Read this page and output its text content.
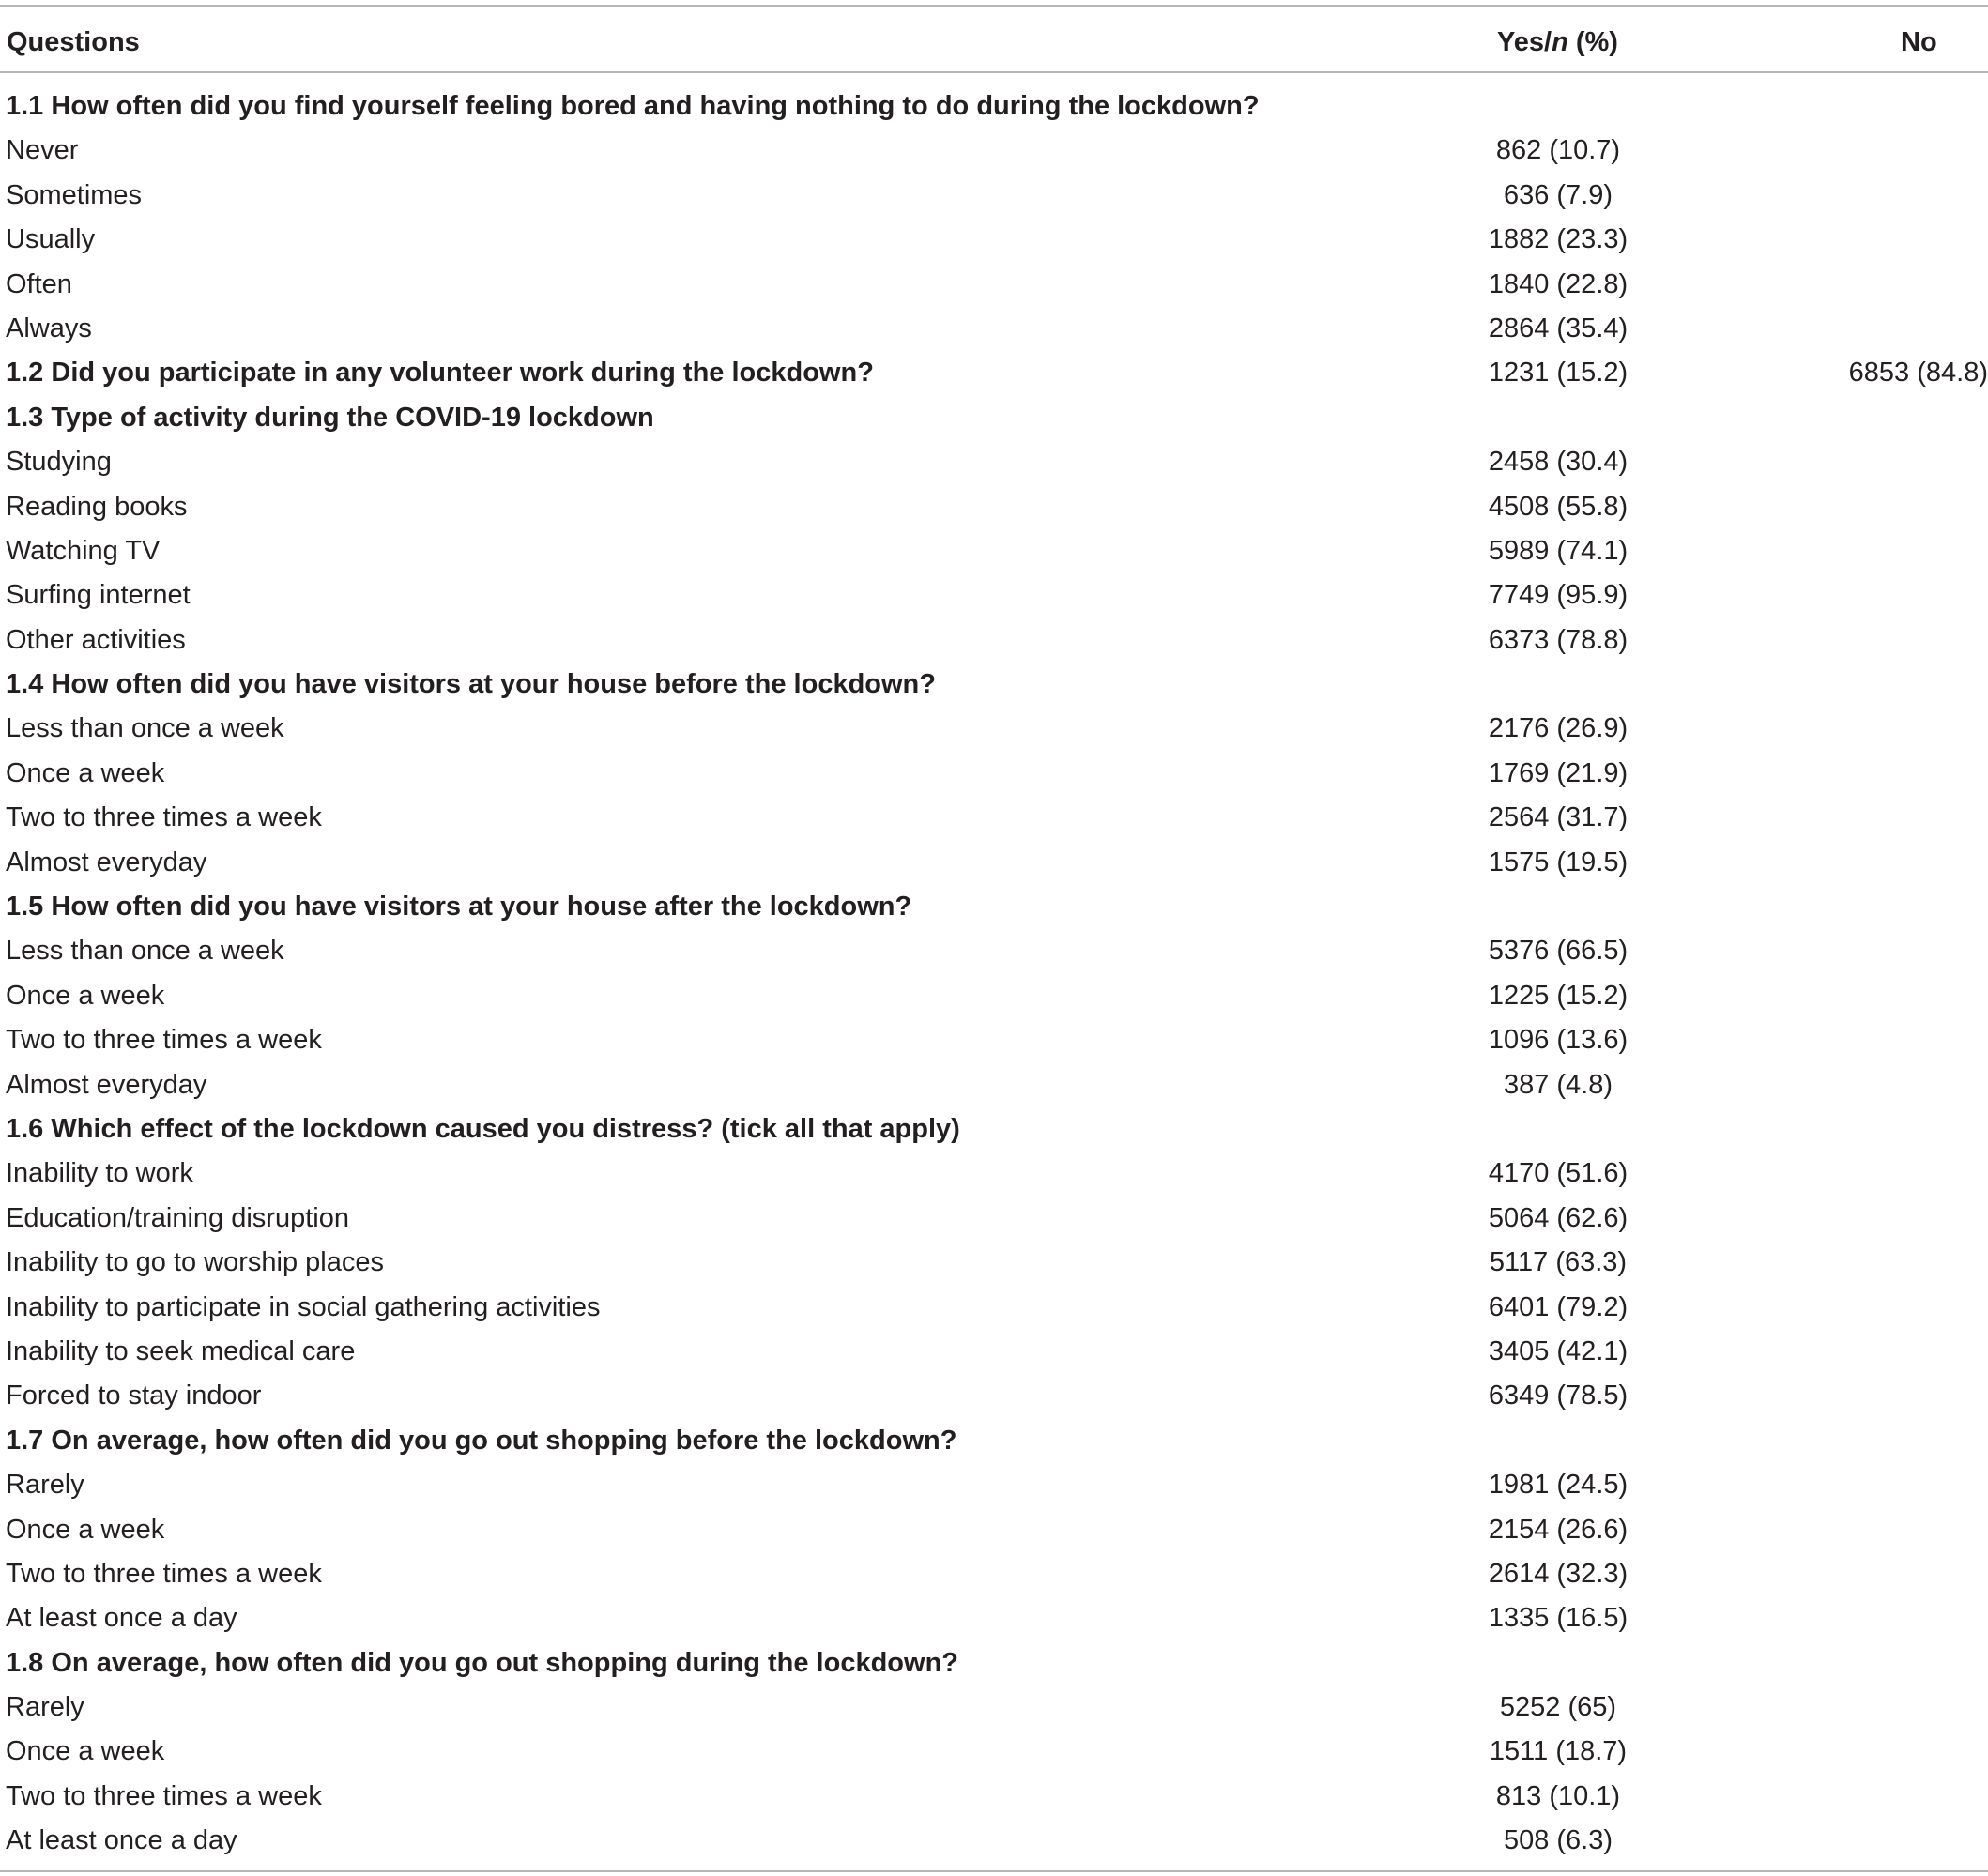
Questions	Yes/n (%)	No
1.1 How often did you find yourself feeling bored and having nothing to do during the lockdown?
Never	862 (10.7)
Sometimes	636 (7.9)
Usually	1882 (23.3)
Often	1840 (22.8)
Always	2864 (35.4)
1.2 Did you participate in any volunteer work during the lockdown?	1231 (15.2)	6853 (84.8)
1.3 Type of activity during the COVID-19 lockdown
Studying	2458 (30.4)
Reading books	4508 (55.8)
Watching TV	5989 (74.1)
Surfing internet	7749 (95.9)
Other activities	6373 (78.8)
1.4 How often did you have visitors at your house before the lockdown?
Less than once a week	2176 (26.9)
Once a week	1769 (21.9)
Two to three times a week	2564 (31.7)
Almost everyday	1575 (19.5)
1.5 How often did you have visitors at your house after the lockdown?
Less than once a week	5376 (66.5)
Once a week	1225 (15.2)
Two to three times a week	1096 (13.6)
Almost everyday	387 (4.8)
1.6 Which effect of the lockdown caused you distress? (tick all that apply)
Inability to work	4170 (51.6)
Education/training disruption	5064 (62.6)
Inability to go to worship places	5117 (63.3)
Inability to participate in social gathering activities	6401 (79.2)
Inability to seek medical care	3405 (42.1)
Forced to stay indoor	6349 (78.5)
1.7 On average, how often did you go out shopping before the lockdown?
Rarely	1981 (24.5)
Once a week	2154 (26.6)
Two to three times a week	2614 (32.3)
At least once a day	1335 (16.5)
1.8 On average, how often did you go out shopping during the lockdown?
Rarely	5252 (65)
Once a week	1511 (18.7)
Two to three times a week	813 (10.1)
At least once a day	508 (6.3)
